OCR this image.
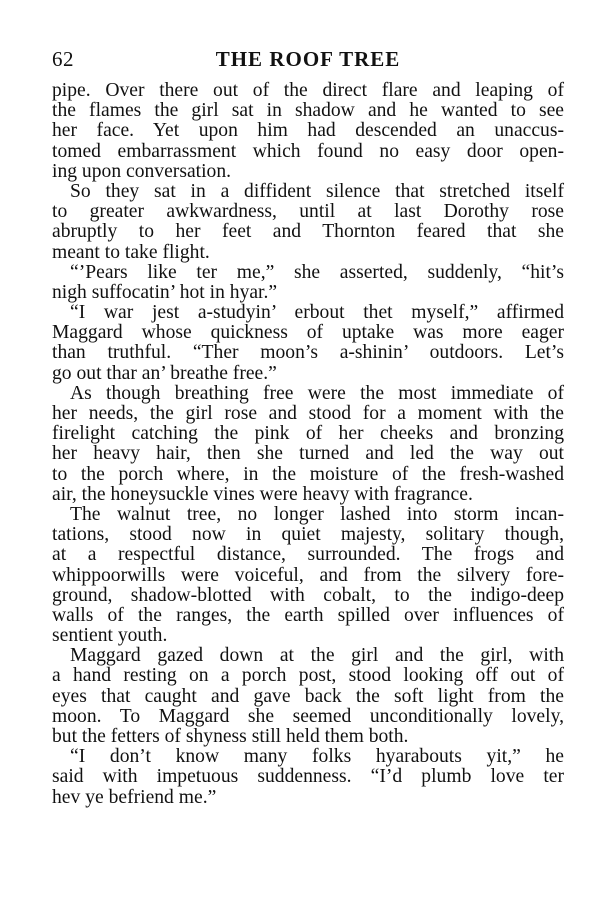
62	THE ROOF TREE
pipe. Over there out of the direct flare and leaping of
the flames the girl sat in shadow and he wanted to see
her face. Yet upon him had descended an unaccus-
tomed embarrassment which found no easy door open-
ing upon conversation.
So they sat in a diffident silence that stretched itself
to greater awkwardness, until at last Dorothy rose
abruptly to her feet and Thornton feared that she
meant to take flight.
“’Pears like ter me,” she asserted, suddenly, “hit’s
nigh suffocatin’ hot in hyar.”
“I war jest a-studyin’ erbout thet myself,” affirmed
Maggard whose quickness of uptake was more eager
than truthful. “Ther moon’s a-shinin’ outdoors. Let’s
go out thar an’ breathe free.”
As though breathing free were the most immediate of
her needs, the girl rose and stood for a moment with the
firelight catching the pink of her cheeks and bronzing
her heavy hair, then she turned and led the way out
to the porch where, in the moisture of the fresh-washed
air, the honeysuckle vines were heavy with fragrance.
The walnut tree, no longer lashed into storm incan-
tations, stood now in quiet majesty, solitary though,
at a respectful distance, surrounded. The frogs and
whippoorwills were voiceful, and from the silvery fore-
ground, shadow-blotted with cobalt, to the indigo-deep
walls of the ranges, the earth spilled over influences of
sentient youth.
Maggard gazed down at the girl and the girl, with
a hand resting on a porch post, stood looking off out of
eyes that caught and gave back the soft light from the
moon. To Maggard she seemed unconditionally lovely,
but the fetters of shyness still held them both.
“I don’t know many folks hyarabouts yit,” he
said with impetuous suddenness. “I’d plumb love ter
hev ye befriend me.”
